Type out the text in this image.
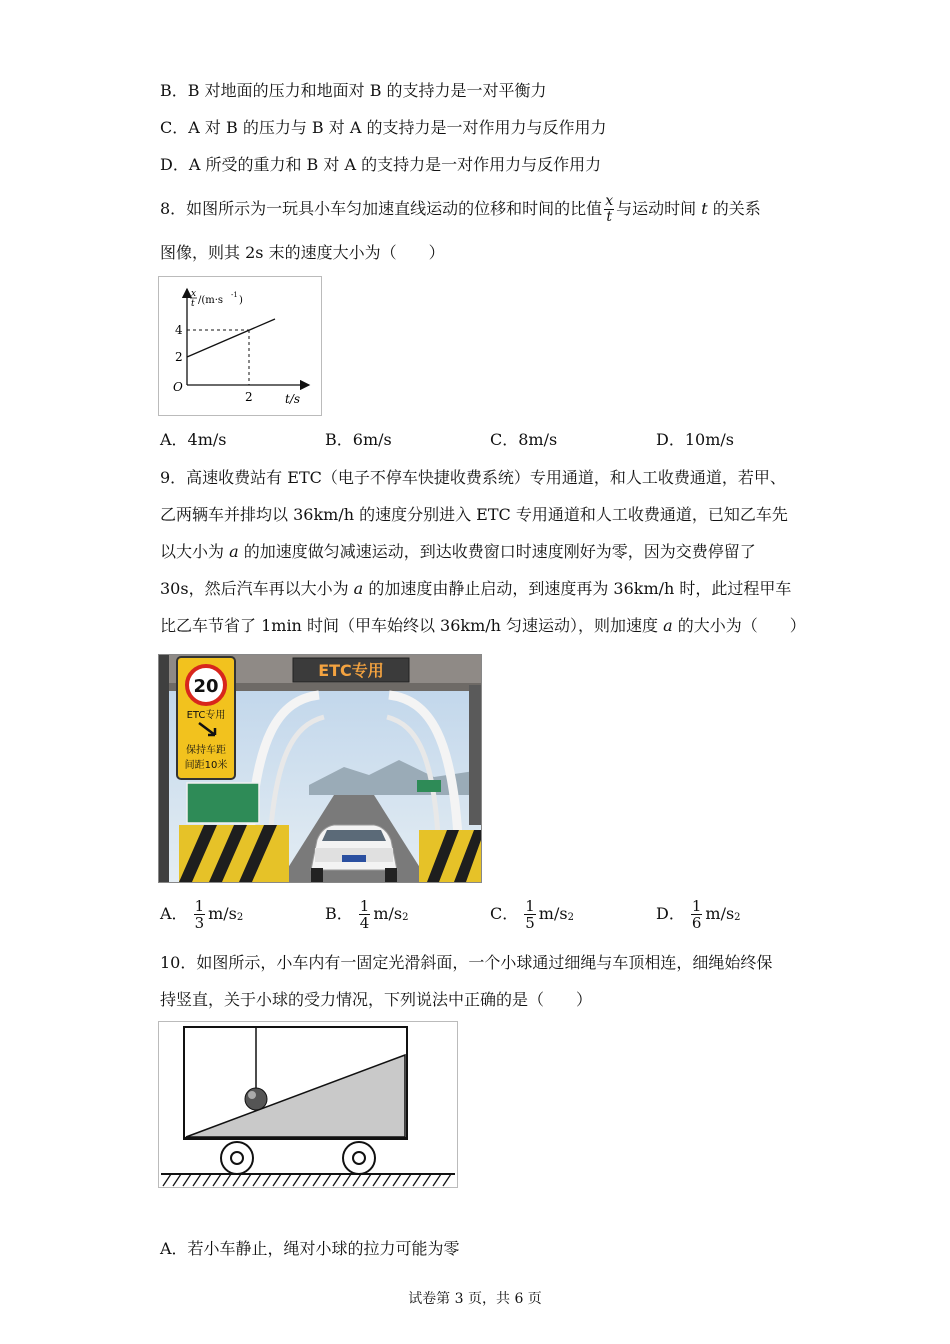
B．B 对地面的压力和地面对 B 的支持力是一对平衡力
C．A 对 B 的压力与 B 对 A 的支持力是一对作用力与反作用力
D．A 所受的重力和 B 对 A 的支持力是一对作用力与反作用力
8．如图所示为一玩具小车匀加速直线运动的位移和时间的比值 $\frac{x}{t}$ 与运动时间 t 的关系
图像，则其 2s 末的速度大小为（　　）
4
2
O
2	t/s
x
t /(m·s -1 )
A．4m/s	B．6m/s	C．8m/s	D．10m/s
9．高速收费站有 ETC（电子不停车快捷收费系统）专用通道，和人工收费通道，若甲、
乙两辆车并排均以 36km/h 的速度分别进入 ETC 专用通道和人工收费通道，已知乙车先
以大小为 a 的加速度做匀减速运动，到达收费窗口时速度刚好为零，因为交费停留了
30s，然后汽车再以大小为 a 的加速度由静止启动，到速度再为 36km/h 时，此过程甲车
比乙车节省了 1min 时间（甲车始终以 36km/h 匀速运动），则加速度 a 的大小为（　　）
ETC专用
20
ETC专用
保持车距
间距10米
A． $\frac{1}{3} m/s2$	B． $\frac{1}{4} m/s2$	C． $\frac{1}{5} m/s2$	D． $\frac{1}{6} m/s2$
10．如图所示，小车内有一固定光滑斜面，一个小球通过细绳与车顶相连，细绳始终保
持竖直，关于小球的受力情况，下列说法中正确的是（　　）
A．若小车静止，绳对小球的拉力可能为零
试卷第 3 页，共 6 页
